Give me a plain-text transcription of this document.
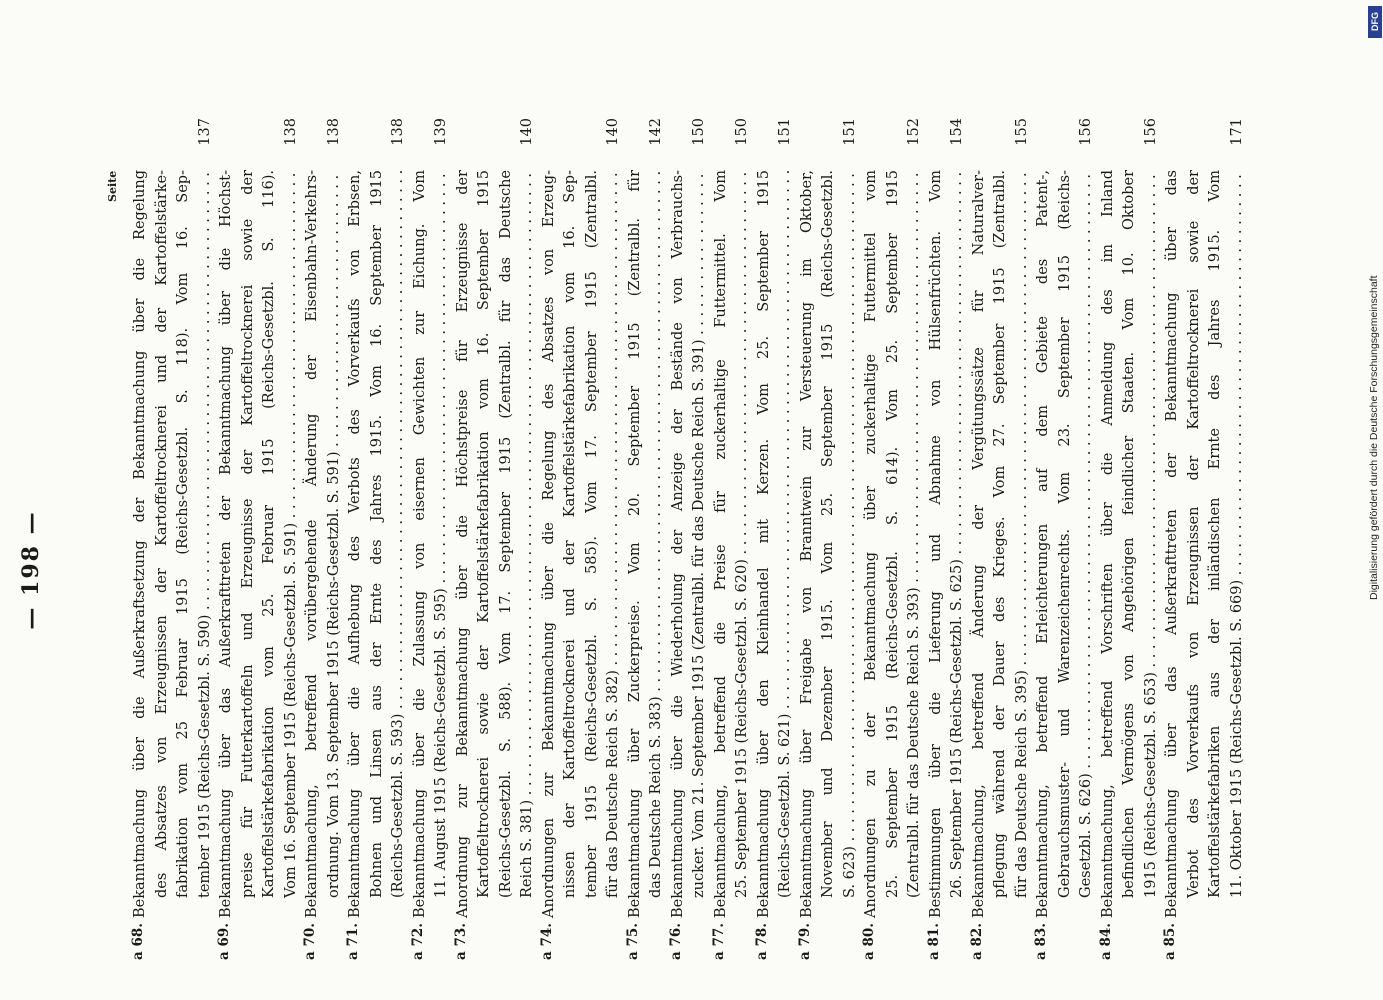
— 198 —
Seite
a 68.
Bekanntmachung über die Außerkraftsetzung der Bekanntmachung über die Regelung des Absatzes von Erzeugnissen der Kartoffeltrocknerei und der Kartoffelstärke- fabrikation vom 25 Februar 1915 (Reichs-Gesetzbl. S. 118). Vom 16. Sep- tember 1915 (Reichs-Gesetzbl. S. 590) . . .
137
a 69.
Bekanntmachung über das Außerkrafttreten der Bekanntmachung über die Höchst- preise für Futterkartoffeln und Erzeugnisse der Kartoffeltrocknerei sowie der Kartoffelstärkefabrikation vom 25. Februar 1915 (Reichs-Gesetzbl. S. 116). Vom 16. September 1915 (Reichs-Gesetzbl. S. 591) . . .
138
a 70.
Bekanntmachung, betreffend vorübergehende Änderung der Eisenbahn-Verkehrs- ordnung. Vom 13. September 1915 (Reichs-Gesetzbl. S. 591) . . .
138
a 71.
Bekanntmachung über die Aufhebung des Verbots des Vorverkaufs von Erbsen, Bohnen und Linsen aus der Ernte des Jahres 1915. Vom 16. September 1915 (Reichs-Gesetzbl. S. 593) . . .
138
a 72.
Bekanntmachung über die Zulassung von eisernen Gewichten zur Eichung. Vom 11. August 1915 (Reichs-Gesetzbl. S. 595) . . .
139
a 73.
Anordnung zur Bekanntmachung über die Höchstpreise für Erzeugnisse der Kartoffeltrocknerei sowie der Kartoffelstärkefabrikation vom 16. September 1915 (Reichs-Gesetzbl. S. 588). Vom 17. September 1915 (Zentralbl. für das Deutsche Reich S. 381) . . .
140
a 74.
Anordnungen zur Bekanntmachung über die Regelung des Absatzes von Erzeug- nissen der Kartoffeltrocknerei und der Kartoffelstärkefabrikation vom 16. Sep- tember 1915 (Reichs-Gesetzbl. S. 585). Vom 17. September 1915 (Zentralbl. für das Deutsche Reich S. 382) . . .
140
a 75.
Bekanntmachung über Zuckerpreise. Vom 20. September 1915 (Zentralbl. für das Deutsche Reich S. 383) . . .
142
a 76.
Bekanntmachung über die Wiederholung der Anzeige der Bestände von Verbrauchs- zucker. Vom 21. September 1915 (Zentralbl. für das Deutsche Reich S. 391) . . .
150
a 77.
Bekanntmachung, betreffend die Preise für zuckerhaltige Futtermittel. Vom 25. September 1915 (Reichs-Gesetzbl. S. 620) . . .
150
a 78.
Bekanntmachung über den Kleinhandel mit Kerzen. Vom 25. September 1915 (Reichs-Gesetzbl. S. 621) . . .
151
a 79.
Bekanntmachung über Freigabe von Branntwein zur Versteuerung im Oktober, November und Dezember 1915. Vom 25. September 1915 (Reichs-Gesetzbl. S. 623) . . .
151
a 80.
Anordnungen zu der Bekanntmachung über zuckerhaltige Futtermittel vom 25. September 1915 (Reichs-Gesetzbl. S. 614). Vom 25. September 1915 (Zentralbl. für das Deutsche Reich S. 393) . . .
152
a 81.
Bestimmungen über die Lieferung und Abnahme von Hülsenfrüchten. Vom 26. September 1915 (Reichs-Gesetzbl. S. 625) . . .
154
a 82.
Bekanntmachung, betreffend Änderung der Vergütungssätze für Naturalver- pflegung während der Dauer des Krieges. Vom 27. September 1915 (Zentralbl. für das Deutsche Reich S. 395) . . .
155
a 83.
Bekanntmachung, betreffend Erleichterungen auf dem Gebiete des Patent-, Gebrauchsmuster- und Warenzeichenrechts. Vom 23. September 1915 (Reichs- Gesetzbl. S. 626) . . .
156
a 84.
Bekanntmachung, betreffend Vorschriften über die Anmeldung des im Inland befindlichen Vermögens von Angehörigen feindlicher Staaten. Vom 10. Oktober 1915 (Reichs-Gesetzbl. S. 653) . . .
156
a 85.
Bekanntmachung über das Außerkrafttreten der Bekanntmachung über das Verbot des Vorverkaufs von Erzeugnissen der Kartoffeltrocknerei sowie der Kartoffelstärkefabriken aus der inländischen Ernte des Jahres 1915. Vom 11. Oktober 1915 (Reichs-Gesetzbl. S. 669) . . .
171
Digitalisierung gefördert durch die Deutsche Forschungsgemeinschaft
DFG
